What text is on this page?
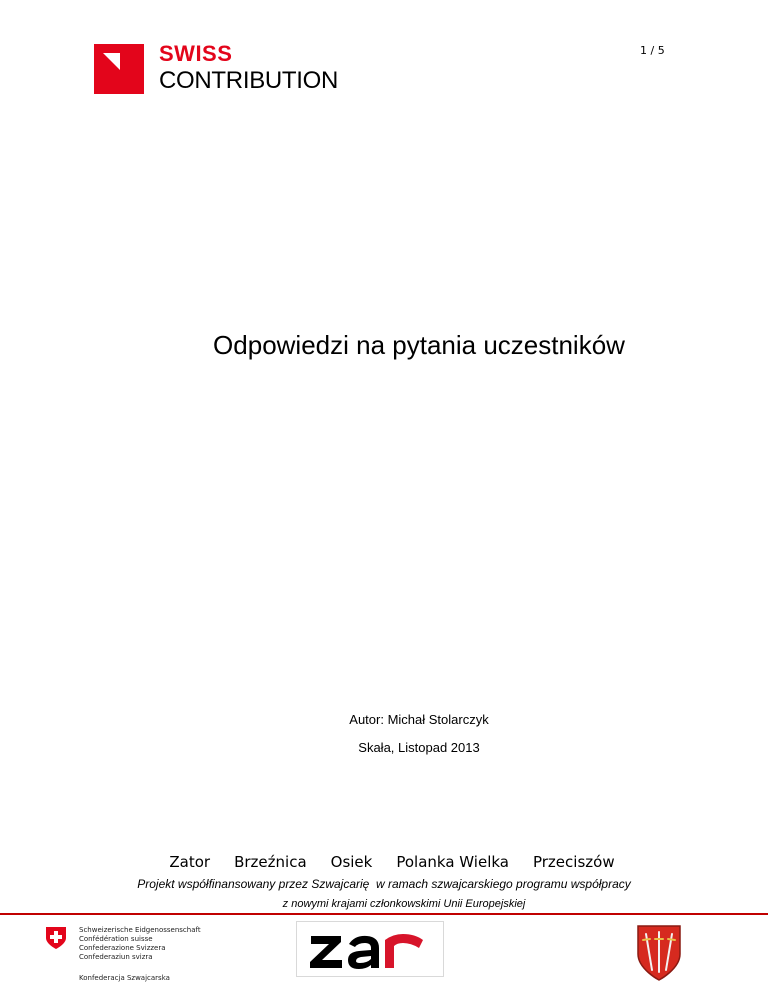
SWISS
CONTRIBUTION
1 / 5
Odpowiedzi na pytania uczestników
Autor: Michał Stolarczyk
Skała, Listopad 2013
Zator Brzeźnica Osiek Polanka Wielka Przeciszów
Projekt współfinansowany przez Szwajcarię  w ramach szwajcarskiego programu współpracy
z nowymi krajami członkowskimi Unii Europejskiej
Schweizerische Eidgenossenschaft
Confédération suisse
Confederazione Svizzera
Confederaziun svizra
Konfederacja Szwajcarska
